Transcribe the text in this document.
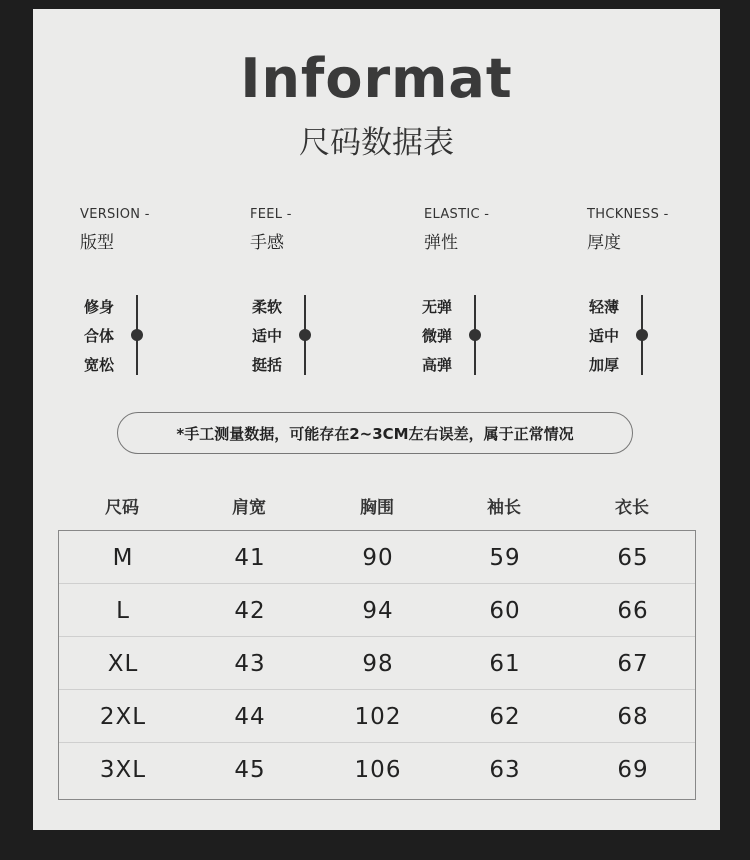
Informat
尺码数据表
VERSION -
版型
FEEL -
手感
ELASTIC -
弹性
THCKNESS -
厚度
修身
合体
宽松
柔软
适中
挺括
无弹
微弹
高弹
轻薄
适中
加厚
*手工测量数据，可能存在2~3CM左右误差，属于正常情况
尺码	肩宽	胸围	袖长	衣长
M	41	90	59	65
L	42	94	60	66
XL	43	98	61	67
2XL	44	102	62	68
3XL	45	106	63	69
